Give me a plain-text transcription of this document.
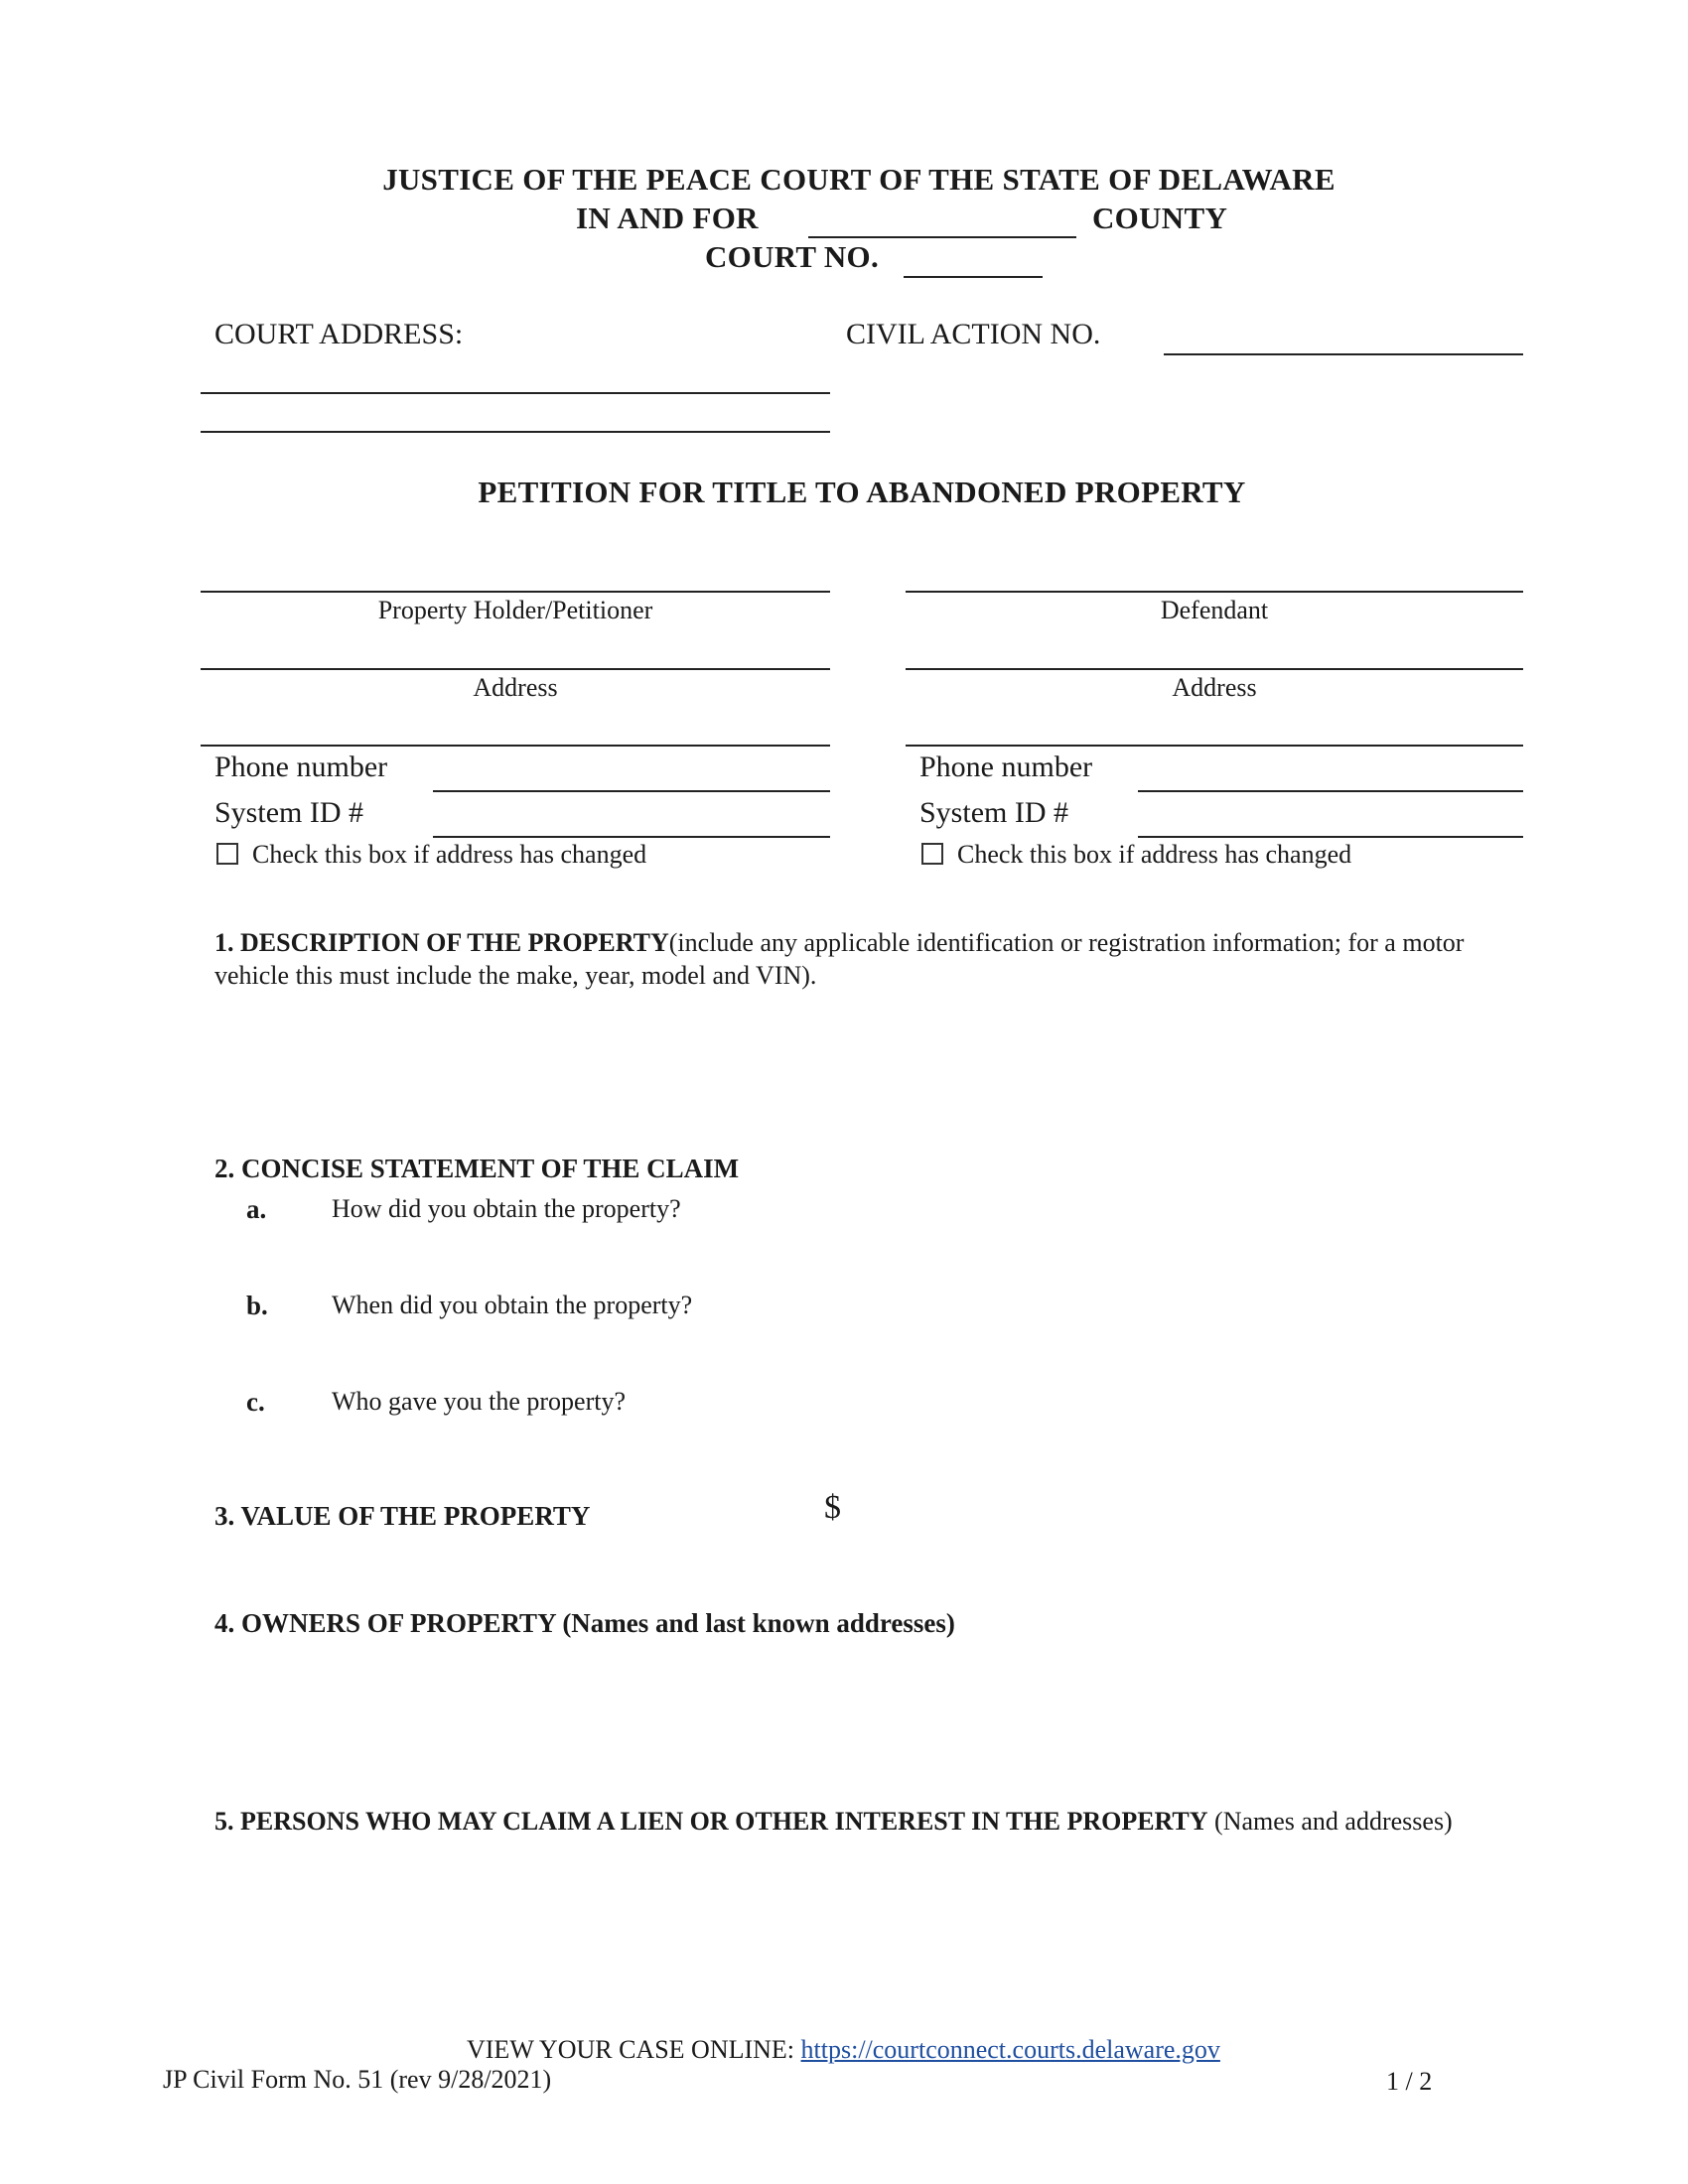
JUSTICE OF THE PEACE COURT OF THE STATE OF DELAWARE
IN AND FOR	COUNTY
COURT NO.
COURT ADDRESS:	CIVIL ACTION NO.
PETITION FOR TITLE TO ABANDONED PROPERTY
Property Holder/Petitioner
Address
Phone number
System ID #
Check this box if address has changed
Defendant
Address
Phone number
System ID #
Check this box if address has changed
1. DESCRIPTION OF THE PROPERTY(include any applicable identification or registration information; for a motor vehicle this must include the make, year, model and VIN).
2. CONCISE STATEMENT OF THE CLAIM
a.	How did you obtain the property?
b. When did you obtain the property?
c.	Who gave you the property?
3. VALUE OF THE PROPERTY	$
4. OWNERS OF PROPERTY (Names and last known addresses)
5. PERSONS WHO MAY CLAIM A LIEN OR OTHER INTEREST IN THE PROPERTY (Names and addresses)
VIEW YOUR CASE ONLINE: https://courtconnect.courts.delaware.gov
JP Civil Form No. 51 (rev 9/28/2021)	1 / 2
